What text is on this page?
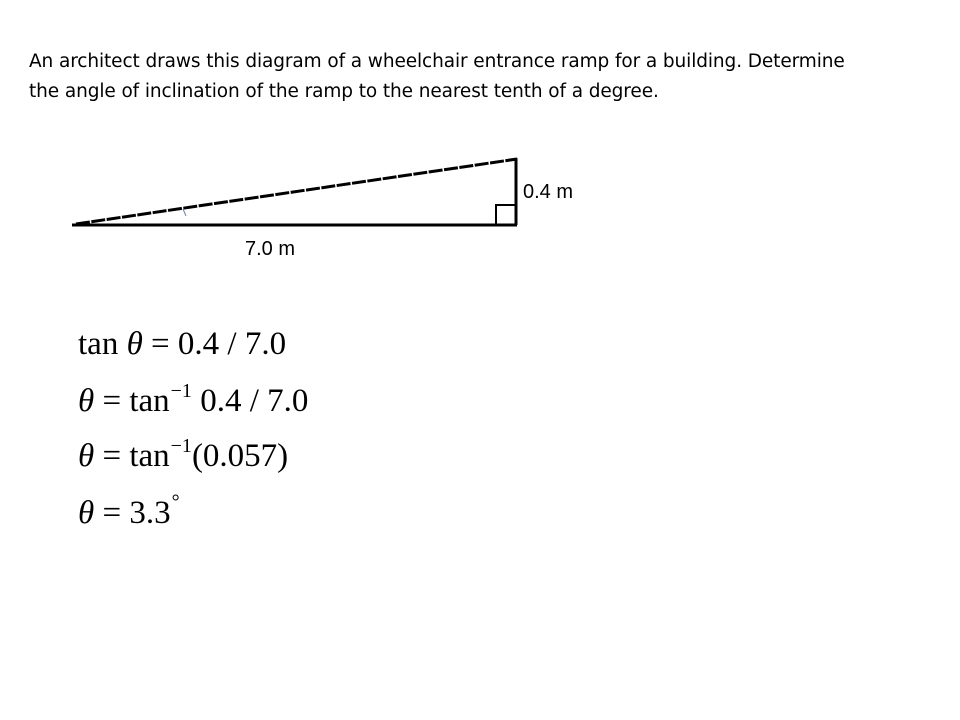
An architect draws this diagram of a wheelchair entrance ramp for a building. Determine

the angle of inclination of the ramp to the nearest tenth of a degree.

0.4 m
7.0 m
tan θ = 0.4 / 7.0
$\theta = \tan^{-1} 0.4 / 7.0$
$\theta = \tan^{-1}(0.057)$
θ = 3.3°
